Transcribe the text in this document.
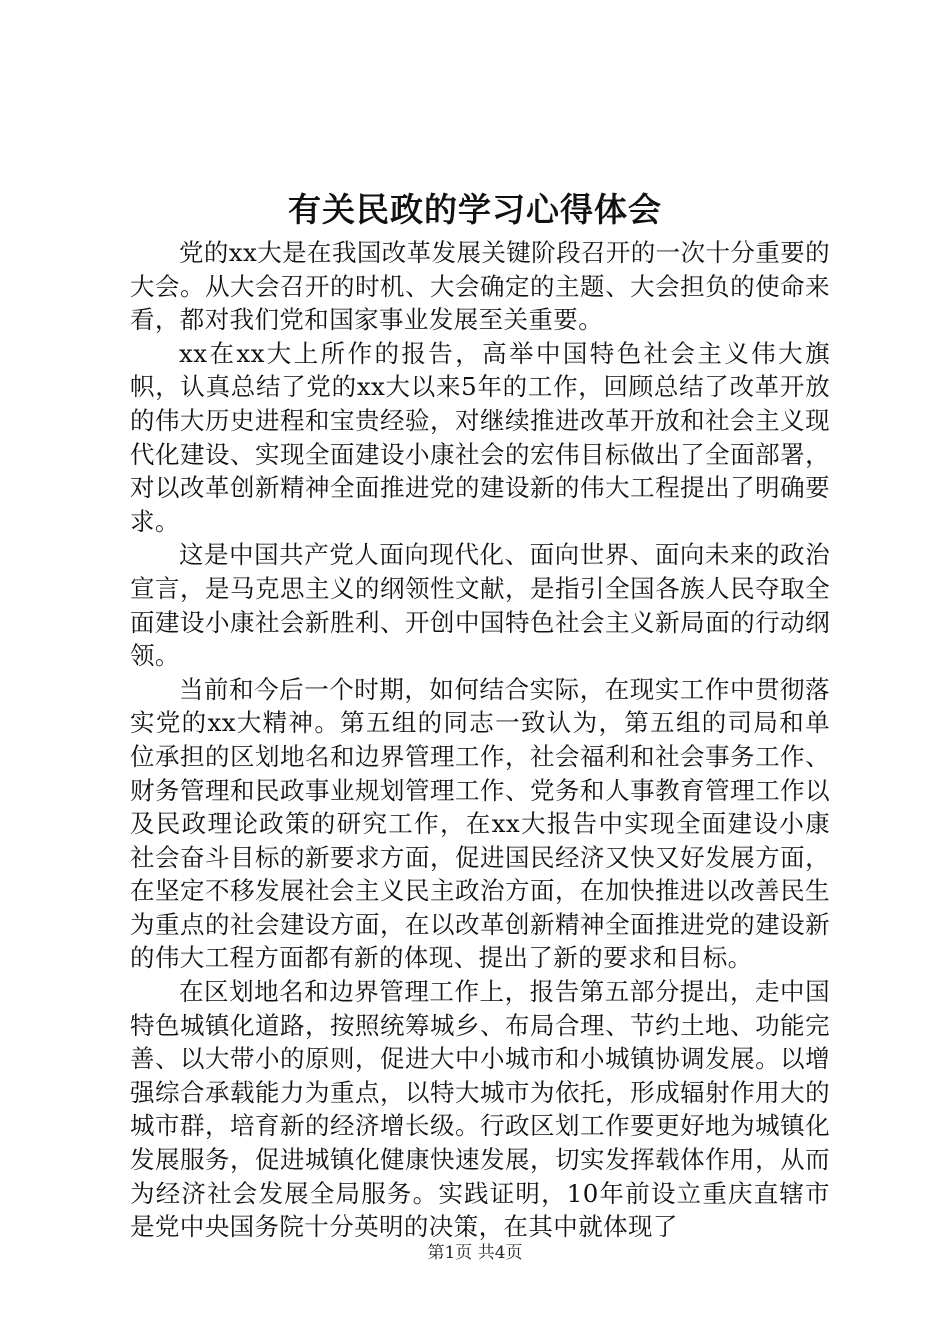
有关民政的学习心得体会

党的xx大是在我国改革发展关键阶段召开的一次十分重要的大会。从大会召开的时机、大会确定的主题、大会担负的使命来看，都对我们党和国家事业发展至关重要。

xx在xx大上所作的报告，高举中国特色社会主义伟大旗帜，认真总结了党的xx大以来5年的工作，回顾总结了改革开放的伟大历史进程和宝贵经验，对继续推进改革开放和社会主义现代化建设、实现全面建设小康社会的宏伟目标做出了全面部署，对以改革创新精神全面推进党的建设新的伟大工程提出了明确要求。

这是中国共产党人面向现代化、面向世界、面向未来的政治宣言，是马克思主义的纲领性文献，是指引全国各族人民夺取全面建设小康社会新胜利、开创中国特色社会主义新局面的行动纲领。

当前和今后一个时期，如何结合实际，在现实工作中贯彻落实党的xx大精神。第五组的同志一致认为，第五组的司局和单位承担的区划地名和边界管理工作，社会福利和社会事务工作、财务管理和民政事业规划管理工作、党务和人事教育管理工作以及民政理论政策的研究工作，在xx大报告中实现全面建设小康社会奋斗目标的新要求方面，促进国民经济又快又好发展方面，在坚定不移发展社会主义民主政治方面，在加快推进以改善民生为重点的社会建设方面，在以改革创新精神全面推进党的建设新的伟大工程方面都有新的体现、提出了新的要求和目标。

在区划地名和边界管理工作上，报告第五部分提出，走中国特色城镇化道路，按照统筹城乡、布局合理、节约土地、功能完善、以大带小的原则，促进大中小城市和小城镇协调发展。以增强综合承载能力为重点，以特大城市为依托，形成辐射作用大的城市群，培育新的经济增长级。行政区划工作要更好地为城镇化发展服务，促进城镇化健康快速发展，切实发挥载体作用，从而为经济社会发展全局服务。实践证明，10年前设立重庆直辖市是党中央国务院十分英明的决策，在其中就体现了

第1页 共4页
